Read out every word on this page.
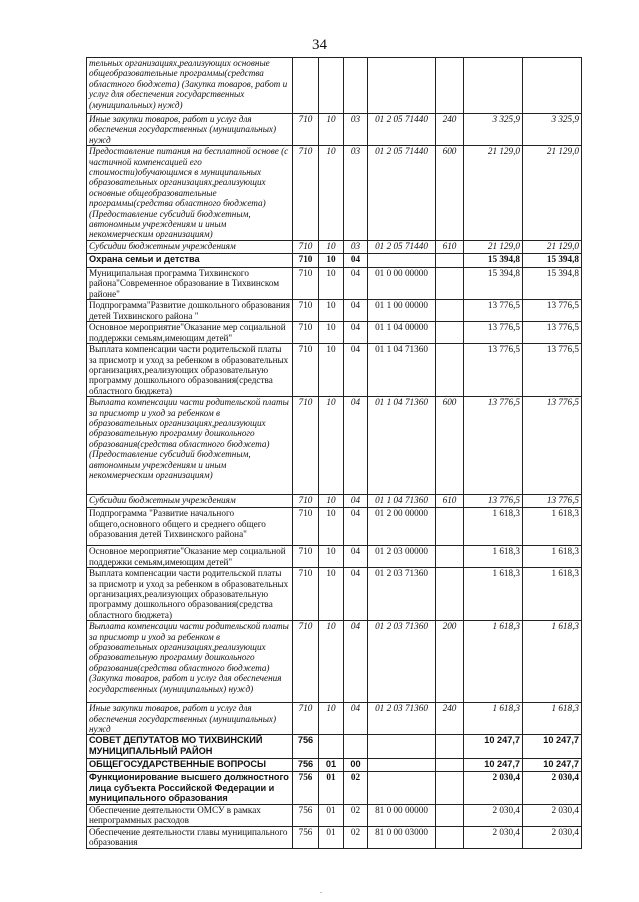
34
тельных организациях,реализующих основные общеобразовательные программы(средства областного бюджета) (Закупка товаров, работ и услуг для обеспечения государственных (муниципальных) нужд)							
Иные закупки товаров, работ и услуг для обеспечения государственных (муниципальных) нужд	710	10	03	01 2 05 71440	240	3 325,9	3 325,9
Предоставление питания на бесплатной основе (с частичной компенсацией его стоимости)обучающимся в муниципальных образовательных организациях,реализующих основные общеобразовательные программы(средства областного бюджета) (Предоставление субсидий бюджетным, автономным учреждениям и иным некоммерческим организациям)	710	10	03	01 2 05 71440	600	21 129,0	21 129,0
Субсидии бюджетным учреждениям	710	10	03	01 2 05 71440	610	21 129,0	21 129,0
Охрана семьи и детства	710	10	04			15 394,8	15 394,8
Муниципальная программа Тихвинского района"Современное образование в Тихвинском районе"	710	10	04	01 0 00 00000		15 394,8	15 394,8
Подпрограмма"Развитие дошкольного образования детей Тихвинского района "	710	10	04	01 1 00 00000		13 776,5	13 776,5
Основное мероприятие"Оказание мер социальной поддержки семьям,имеющим детей"	710	10	04	01 1 04 00000		13 776,5	13 776,5
Выплата компенсации части родительской платы за присмотр и уход за ребенком в образовательных организациях,реализующих образовательную программу дошкольного образования(средства областного бюджета)	710	10	04	01 1 04 71360		13 776,5	13 776,5
Выплата компенсации части родительской платы за присмотр и уход за ребенком в образовательных организациях,реализующих образовательную программу дошкольного образования(средства областного бюджета) (Предоставление субсидий бюджетным, автономным учреждениям и иным некоммерческим организациям)	710	10	04	01 1 04 71360	600	13 776,5	13 776,5
Субсидии бюджетным учреждениям	710	10	04	01 1 04 71360	610	13 776,5	13 776,5
Подпрограмма "Развитие начального общего,основного общего и среднего общего образования детей Тихвинского района"	710	10	04	01 2 00 00000		1 618,3	1 618,3
Основное мероприятие"Оказание мер социальной поддержки семьям,имеющим детей"	710	10	04	01 2 03 00000		1 618,3	1 618,3
Выплата компенсации части родительской платы за присмотр и уход за ребенком в образовательных организациях,реализующих образовательную программу дошкольного образования(средства областного бюджета)	710	10	04	01 2 03 71360		1 618,3	1 618,3
Выплата компенсации части родительской платы за присмотр и уход за ребенком в образовательных организациях,реализующих образовательную программу дошкольного образования(средства областного бюджета) (Закупка товаров, работ и услуг для обеспечения государственных (муниципальных) нужд)	710	10	04	01 2 03 71360	200	1 618,3	1 618,3
Иные закупки товаров, работ и услуг для обеспечения государственных (муниципальных) нужд	710	10	04	01 2 03 71360	240	1 618,3	1 618,3
СОВЕТ ДЕПУТАТОВ МО ТИХВИНСКИЙ МУНИЦИПАЛЬНЫЙ РАЙОН	756					10 247,7	10 247,7
ОБЩЕГОСУДАРСТВЕННЫЕ ВОПРОСЫ	756	01	00			10 247,7	10 247,7
Функционирование высшего должностного лица субъекта Российской Федерации и муниципального образования	756	01	02			2 030,4	2 030,4
Обеспечение деятельности ОМСУ в рамках непрограммных расходов	756	01	02	81 0 00 00000		2 030,4	2 030,4
Обеспечение деятельности главы муниципального образования	756	01	02	81 0 00 03000		2 030,4	2 030,4
.
